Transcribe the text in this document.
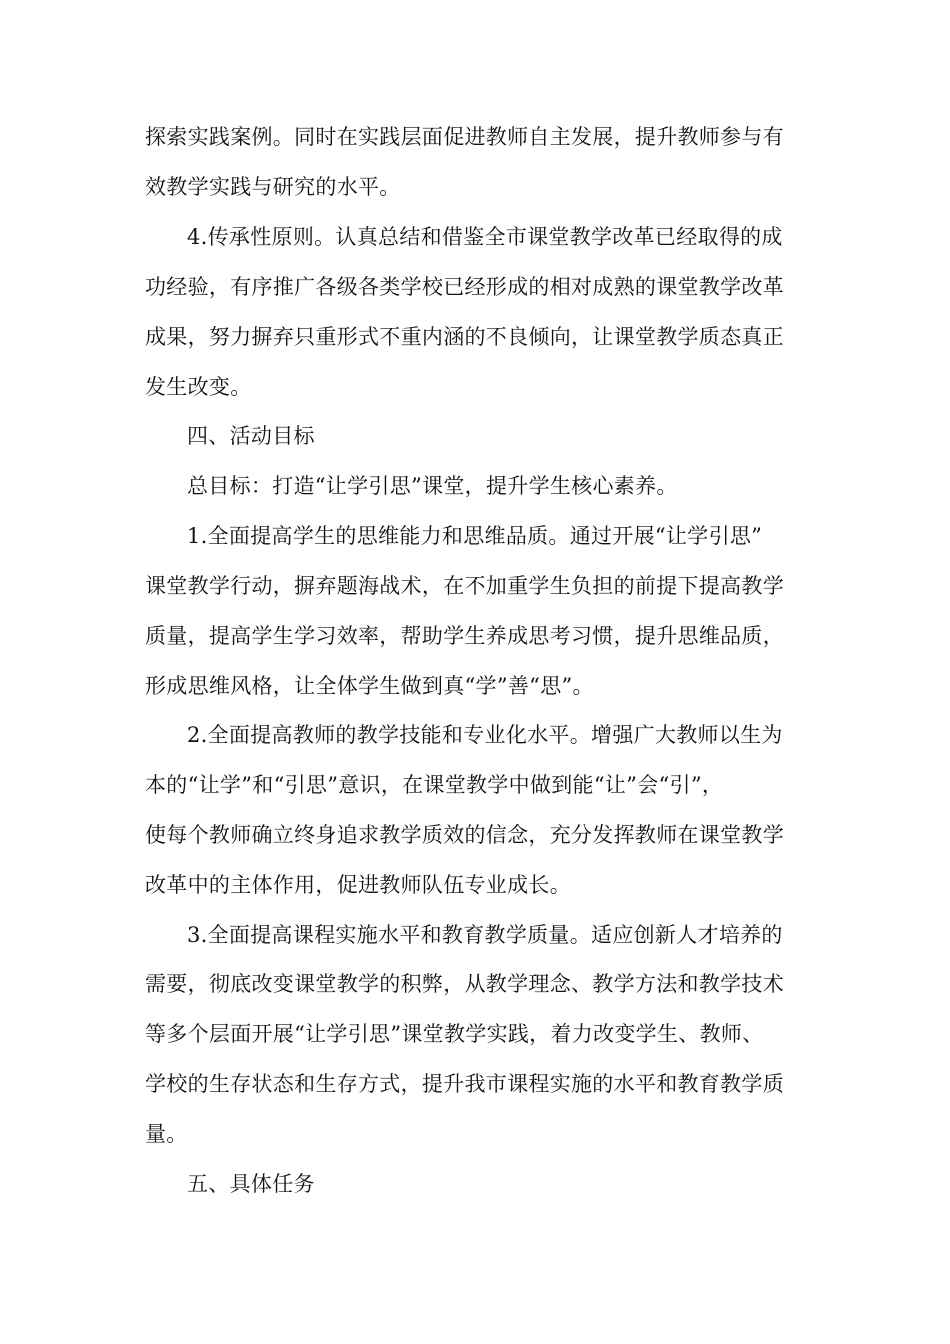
探索实践案例。同时在实践层面促进教师自主发展，提升教师参与有
效教学实践与研究的水平。
4.传承性原则。认真总结和借鉴全市课堂教学改革已经取得的成
功经验，有序推广各级各类学校已经形成的相对成熟的课堂教学改革
成果，努力摒弃只重形式不重内涵的不良倾向，让课堂教学质态真正
发生改变。
四、活动目标
总目标：打造“让学引思”课堂，提升学生核心素养。
1.全面提高学生的思维能力和思维品质。通过开展“让学引思”
课堂教学行动，摒弃题海战术，在不加重学生负担的前提下提高教学
质量，提高学生学习效率，帮助学生养成思考习惯，提升思维品质，
形成思维风格，让全体学生做到真“学”善“思”。
2.全面提高教师的教学技能和专业化水平。增强广大教师以生为
本的“让学”和“引思”意识，在课堂教学中做到能“让”会“引”，
使每个教师确立终身追求教学质效的信念，充分发挥教师在课堂教学
改革中的主体作用，促进教师队伍专业成长。
3.全面提高课程实施水平和教育教学质量。适应创新人才培养的
需要，彻底改变课堂教学的积弊，从教学理念、教学方法和教学技术
等多个层面开展“让学引思”课堂教学实践，着力改变学生、教师、
学校的生存状态和生存方式，提升我市课程实施的水平和教育教学质
量。
五、具体任务
